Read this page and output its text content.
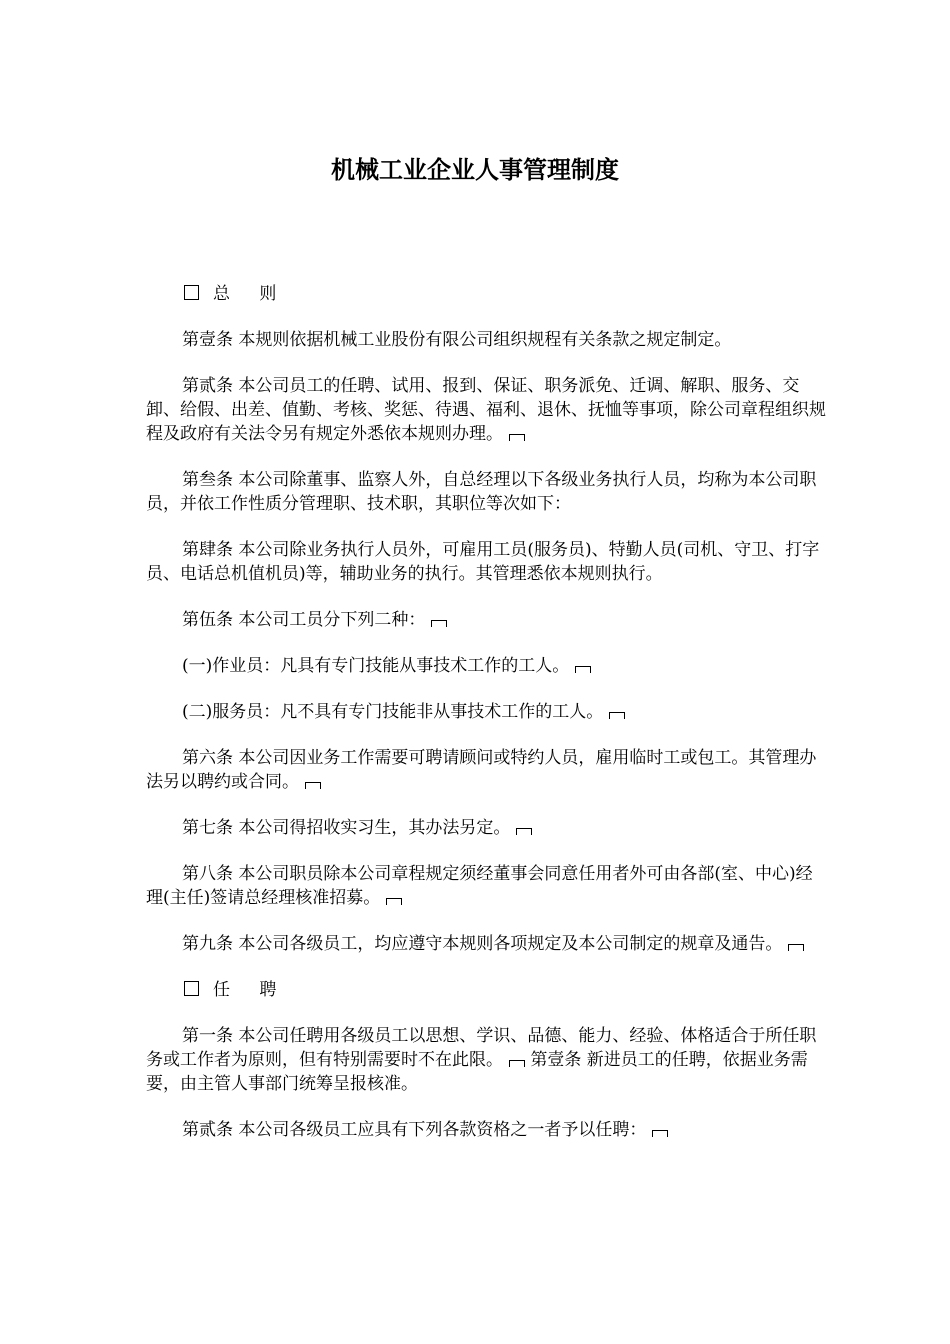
机械工业企业人事管理制度
总 则

第壹条 本规则依据机械工业股份有限公司组织规程有关条款之规定制定。

第贰条 本公司员工的任聘、试用、报到、保证、职务派免、迁调、解职、服务、交卸、给假、出差、值勤、考核、奖惩、待遇、福利、退休、抚恤等事项，除公司章程组织规程及政府有关法令另有规定外悉依本规则办理。

第叁条 本公司除董事、监察人外，自总经理以下各级业务执行人员，均称为本公司职员，并依工作性质分管理职、技术职，其职位等次如下：

第肆条 本公司除业务执行人员外，可雇用工员(服务员)、特勤人员(司机、守卫、打字员、电话总机值机员)等，辅助业务的执行。其管理悉依本规则执行。

第伍条 本公司工员分下列二种：

(一)作业员：凡具有专门技能从事技术工作的工人。

(二)服务员：凡不具有专门技能非从事技术工作的工人。

第六条 本公司因业务工作需要可聘请顾问或特约人员，雇用临时工或包工。其管理办法另以聘约或合同。

第七条 本公司得招收实习生，其办法另定。

第八条 本公司职员除本公司章程规定须经董事会同意任用者外可由各部(室、中心)经理(主任)签请总经理核准招募。

第九条 本公司各级员工，均应遵守本规则各项规定及本公司制定的规章及通告。

任 聘

第一条 本公司任聘用各级员工以思想、学识、品德、能力、经验、体格适合于所任职务或工作者为原则，但有特别需要时不在此限。 第壹条 新进员工的任聘，依据业务需要，由主管人事部门统筹呈报核准。

第贰条 本公司各级员工应具有下列各款资格之一者予以任聘：
